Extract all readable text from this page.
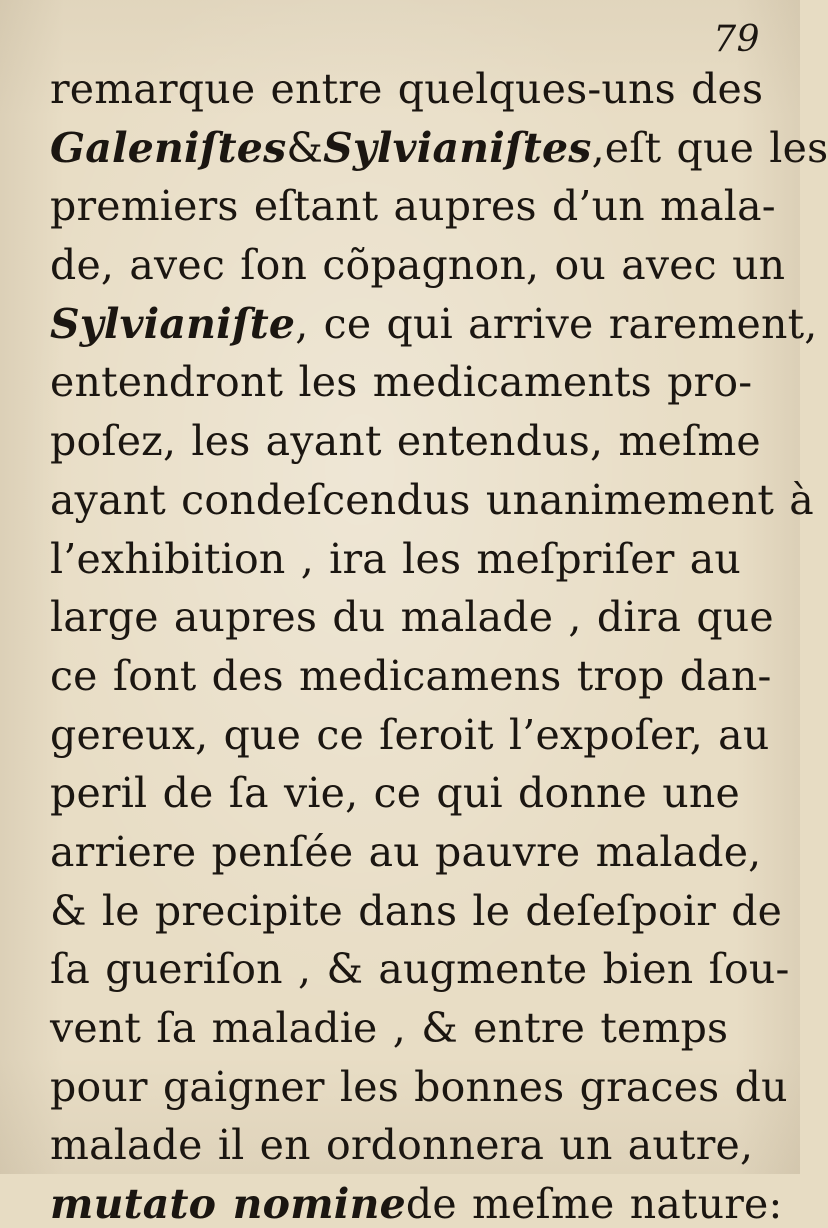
79
remarque entre quelques-uns des
Galeniſtes & Sylvianiſtes ,eſt que les
premiers eſtant aupres d’un mala-
de, avec ſon cõpagnon, ou avec un
Sylvianiſte , ce qui arrive rarement,
entendront les medicaments pro-
poſez, les ayant entendus, meſme
ayant condeſcendus unanimement à
l’exhibition , ira les meſpriſer au
large aupres du malade , dira que
ce ſont des medicamens trop dan-
gereux, que ce ſeroit l’expoſer, au
peril de ſa vie, ce qui donne une
arriere penſée au pauvre malade,
& le precipite dans le deſeſpoir de
ſa gueriſon , & augmente bien ſou-
vent ſa maladie , & entre temps
pour gaigner les bonnes graces du
malade il en ordonnera un autre,
mutato nomine de meſme nature:
